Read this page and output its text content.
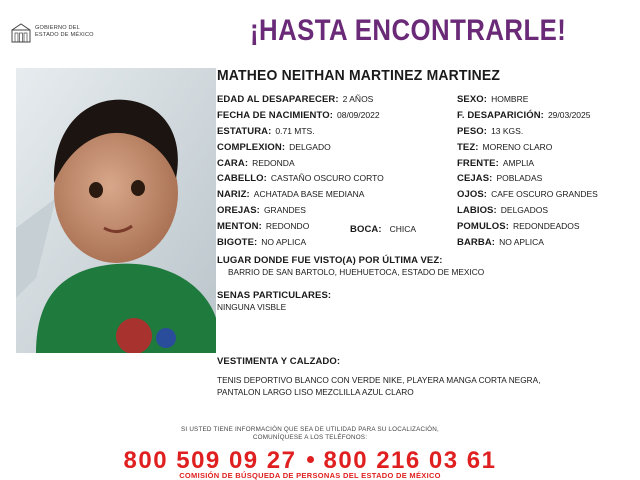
GOBIERNO DEL
ESTADO DE MÉXICO	¡HASTA ENCONTRARLE!
MATHEO NEITHAN MARTINEZ MARTINEZ
EDAD AL DESAPARECER: 2 AÑOS
FECHA DE NACIMIENTO: 08/09/2022
ESTATURA: 0.71 MTS.
COMPLEXION: DELGADO
CARA: REDONDA
CABELLO: CASTAÑO OSCURO CORTO
NARIZ: ACHATADA BASE MEDIANA
OREJAS: GRANDES
MENTON: REDONDO
BIGOTE: NO APLICA
BOCA: CHICA
SEXO: HOMBRE
F. DESAPARICIÓN: 29/03/2025
PESO: 13 KGS.
TEZ: MORENO CLARO
FRENTE: AMPLIA
CEJAS: POBLADAS
OJOS: CAFE OSCURO GRANDES
LABIOS: DELGADOS
POMULOS: REDONDEADOS
BARBA: NO APLICA
LUGAR DONDE FUE VISTO(A) POR ÚLTIMA VEZ:
BARRIO DE SAN BARTOLO, HUEHUETOCA, ESTADO DE MEXICO
SENAS PARTICULARES:
NINGUNA VISBLE
VESTIMENTA Y CALZADO:
TENIS DEPORTIVO BLANCO CON VERDE NIKE, PLAYERA MANGA CORTA NEGRA,
PANTALON LARGO LISO MEZCLILLA AZUL CLARO
SI USTED TIENE INFORMACIÓN QUE SEA DE UTILIDAD PARA SU LOCALIZACIÓN,
COMUNÍQUESE A LOS TELÉFONOS:
800 509 09 27 800 216 03 61
COMISIÓN DE BÚSQUEDA DE PERSONAS DEL ESTADO DE MÉXICO
